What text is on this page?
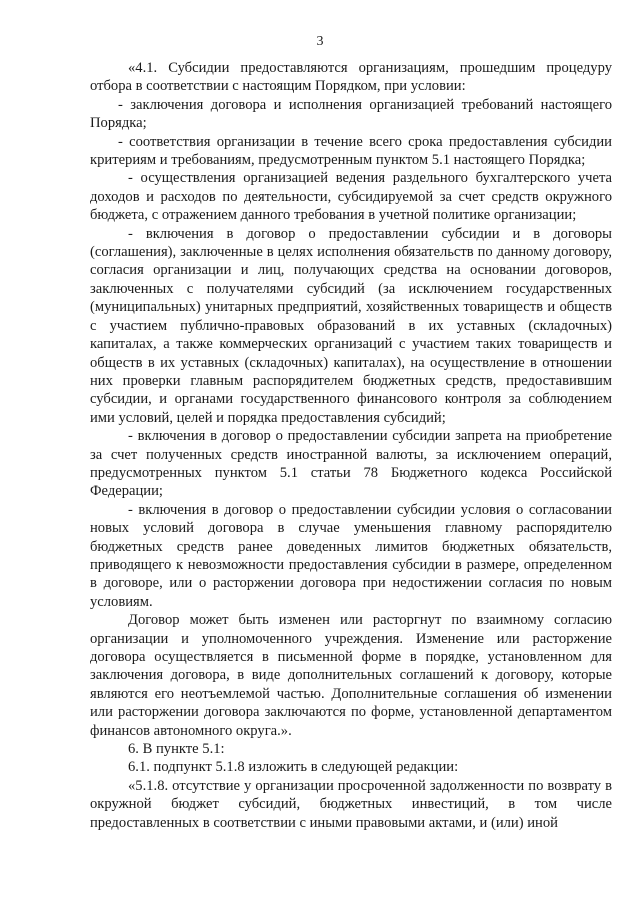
3

«4.1. Субсидии предоставляются организациям, прошедшим процедуру отбора в соответствии с настоящим Порядком, при условии:

- заключения договора и исполнения организацией требований настоящего Порядка;

- соответствия организации в течение всего срока предоставления субсидии критериям и требованиям, предусмотренным пунктом 5.1 настоящего Порядка;

- осуществления организацией ведения раздельного бухгалтерского учета доходов и расходов по деятельности, субсидируемой за счет средств окружного бюджета, с отражением данного требования в учетной политике организации;

- включения в договор о предоставлении субсидии и в договоры (соглашения), заключенные в целях исполнения обязательств по данному договору, согласия организации и лиц, получающих средства на основании договоров, заключенных с получателями субсидий (за исключением государственных (муниципальных) унитарных предприятий, хозяйственных товариществ и обществ с участием публично-правовых образований в их уставных (складочных) капиталах, а также коммерческих организаций с участием таких товариществ и обществ в их уставных (складочных) капиталах), на осуществление в отношении них проверки главным распорядителем бюджетных средств, предоставившим субсидии, и органами государственного финансового контроля за соблюдением ими условий, целей и порядка предоставления субсидий;

- включения в договор о предоставлении субсидии запрета на приобретение за счет полученных средств иностранной валюты, за исключением операций, предусмотренных пунктом 5.1 статьи 78 Бюджетного кодекса Российской Федерации;

- включения в договор о предоставлении субсидии условия о согласовании новых условий договора в случае уменьшения главному распорядителю бюджетных средств ранее доведенных лимитов бюджетных обязательств, приводящего к невозможности предоставления субсидии в размере, определенном в договоре, или о расторжении договора при недостижении согласия по новым условиям.

Договор может быть изменен или расторгнут по взаимному согласию организации и уполномоченного учреждения. Изменение или расторжение договора осуществляется в письменной форме в порядке, установленном для заключения договора, в виде дополнительных соглашений к договору, которые являются его неотъемлемой частью. Дополнительные соглашения об изменении или расторжении договора заключаются по форме, установленной департаментом финансов автономного округа.».

6. В пункте 5.1:

6.1. подпункт 5.1.8 изложить в следующей редакции:

«5.1.8. отсутствие у организации просроченной задолженности по возврату в окружной бюджет субсидий, бюджетных инвестиций, в том числе предоставленных в соответствии с иными правовыми актами, и (или) иной
